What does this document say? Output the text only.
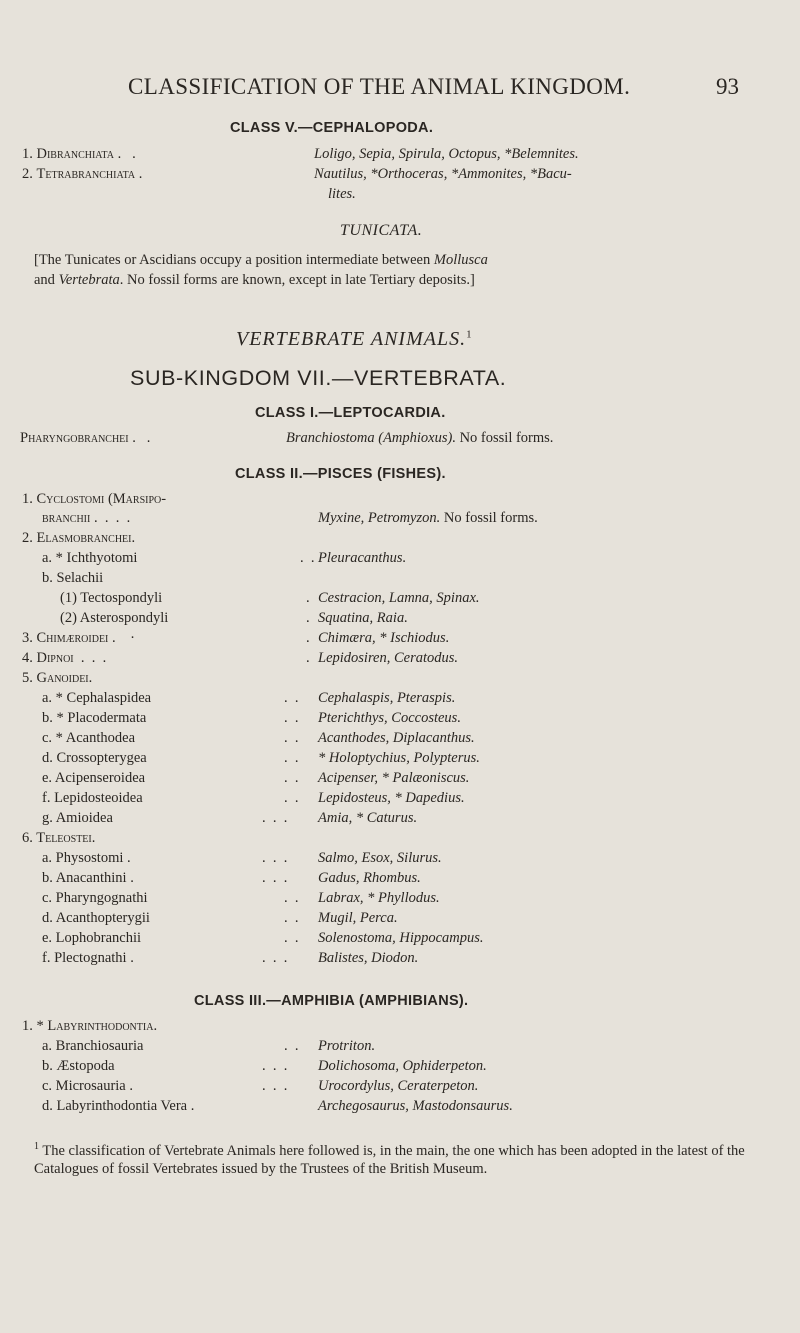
CLASSIFICATION OF THE ANIMAL KINGDOM.	93
CLASS V.—CEPHALOPODA.
1. Dibranchiata .   .	Loligo, Sepia, Spirula, Octopus, *Belemnites.
2. Tetrabranchiata .	Nautilus, *Orthoceras, *Ammonites, *Bacu-
lites.
TUNICATA.
[The Tunicates or Ascidians occupy a position intermediate between Mollusca
and Vertebrata. No fossil forms are known, except in late Tertiary deposits.]
VERTEBRATE ANIMALS.$^1$
SUB-KINGDOM VII.—VERTEBRATA.
CLASS I.—LEPTOCARDIA.
Pharyngobranchei .   .	Branchiostoma (Amphioxus). No fossil forms.
CLASS II.—PISCES (FISHES).
1. Cyclostomi (Marsipo-
branchii .  .  .  .	Myxine, Petromyzon. No fossil forms.
2. Elasmobranchei.
a. * Ichthyotomi	.  . Pleuracanthus.
b. Selachii
(1) Tectospondyli	. Cestracion, Lamna, Spinax.
(2) Asterospondyli	. Squatina, Raia.
3. Chimæroidei .    ·	. Chimæra, * Ischiodus.
4. Dipnoi  .  .  .	. Lepidosiren, Ceratodus.
5. Ganoidei.
a. * Cephalaspidea	.  . Cephalaspis, Pteraspis.
b. * Placodermata	.  . Pterichthys, Coccosteus.
c. * Acanthodea	.  . Acanthodes, Diplacanthus.
d. Crossopterygea	.  . * Holoptychius, Polypterus.
e. Acipenseroidea	.  . Acipenser, * Palæoniscus.
f. Lepidosteoidea	.  . Lepidosteus, * Dapedius.
g. Amioidea	.  .  . Amia, * Caturus.
6. Teleostei.
a. Physostomi .	.  .  . Salmo, Esox, Silurus.
b. Anacanthini .	.  .  . Gadus, Rhombus.
c. Pharyngognathi	.  . Labrax, * Phyllodus.
d. Acanthopterygii	.  . Mugil, Perca.
e. Lophobranchii	.  . Solenostoma, Hippocampus.
f. Plectognathi .	.  .  . Balistes, Diodon.
CLASS III.—AMPHIBIA (AMPHIBIANS).
1. * Labyrinthodontia.
a. Branchiosauria	.  . Protriton.
b. Æstopoda	.  .  . Dolichosoma, Ophiderpeton.
c. Microsauria .	.  .  . Urocordylus, Ceraterpeton.
d. Labyrinthodontia Vera .	Archegosaurus, Mastodonsaurus.
$^1$ The classification of Vertebrate Animals here followed is, in the main, the one which has been adopted in the latest of the Catalogues of fossil Vertebrates issued by the Trustees of the British Museum.
